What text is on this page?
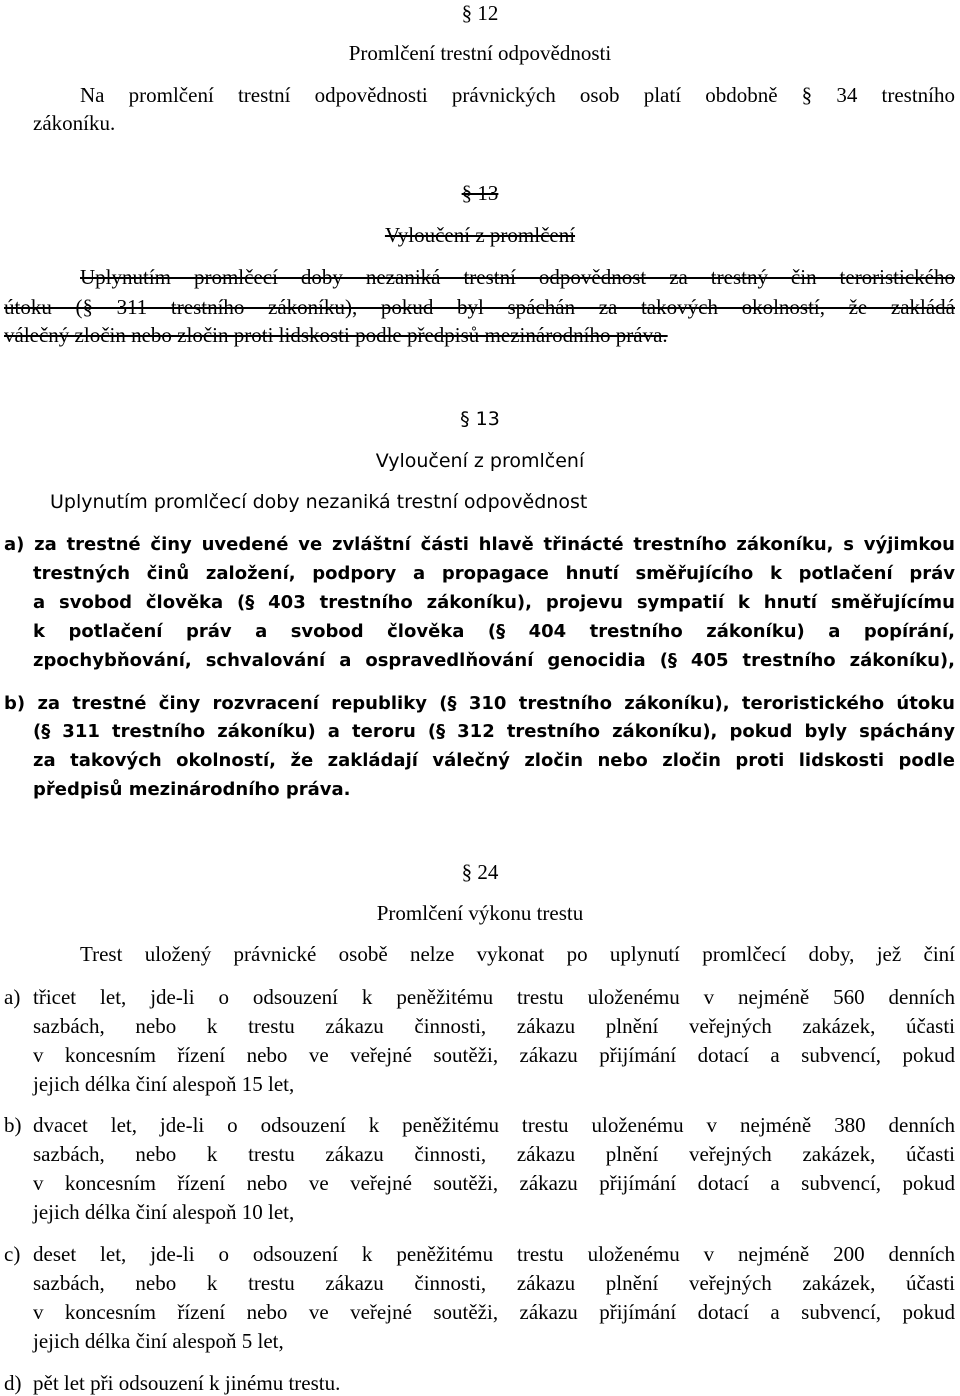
§ 12
Promlčení trestní odpovědnosti
Na promlčení trestní odpovědnosti právnických osob platí obdobně § 34 trestního
zákoníku.
§ 13
Vyloučení z promlčení
Uplynutím promlčecí doby nezaniká trestní odpovědnost za trestný čin teroristického
útoku (§ 311 trestního zákoníku), pokud byl spáchán za takových okolností, že zakládá
válečný zločin nebo zločin proti lidskosti podle předpisů mezinárodního práva.
§ 13
Vyloučení z promlčení
Uplynutím promlčecí doby nezaniká trestní odpovědnost
a) za trestné činy uvedené ve zvláštní části hlavě třinácté trestního zákoníku, s výjimkou
trestných činů založení, podpory a propagace hnutí směřujícího k potlačení práv
a svobod člověka (§ 403 trestního zákoníku), projevu sympatií k hnutí směřujícímu
k potlačení práv a svobod člověka (§ 404 trestního zákoníku) a popírání,
zpochybňování, schvalování a ospravedlňování genocidia (§ 405 trestního zákoníku),
b) za trestné činy rozvracení republiky (§ 310 trestního zákoníku), teroristického útoku
(§ 311 trestního zákoníku) a teroru (§ 312 trestního zákoníku), pokud byly spáchány
za takových okolností, že zakládají válečný zločin nebo zločin proti lidskosti podle
předpisů mezinárodního práva.
§ 24
Promlčení výkonu trestu
Trest uložený právnické osobě nelze vykonat po uplynutí promlčecí doby, jež činí
a) třicet let, jde-li o odsouzení k peněžitému trestu uloženému v nejméně 560 denních
sazbách, nebo k trestu zákazu činnosti, zákazu plnění veřejných zakázek, účasti
v koncesním řízení nebo ve veřejné soutěži, zákazu přijímání dotací a subvencí, pokud
jejich délka činí alespoň 15 let,
b) dvacet let, jde-li o odsouzení k peněžitému trestu uloženému v nejméně 380 denních
sazbách, nebo k trestu zákazu činnosti, zákazu plnění veřejných zakázek, účasti
v koncesním řízení nebo ve veřejné soutěži, zákazu přijímání dotací a subvencí, pokud
jejich délka činí alespoň 10 let,
c) deset let, jde-li o odsouzení k peněžitému trestu uloženému v nejméně 200 denních
sazbách, nebo k trestu zákazu činnosti, zákazu plnění veřejných zakázek, účasti
v koncesním řízení nebo ve veřejné soutěži, zákazu přijímání dotací a subvencí, pokud
jejich délka činí alespoň 5 let,
d) pět let při odsouzení k jinému trestu.
